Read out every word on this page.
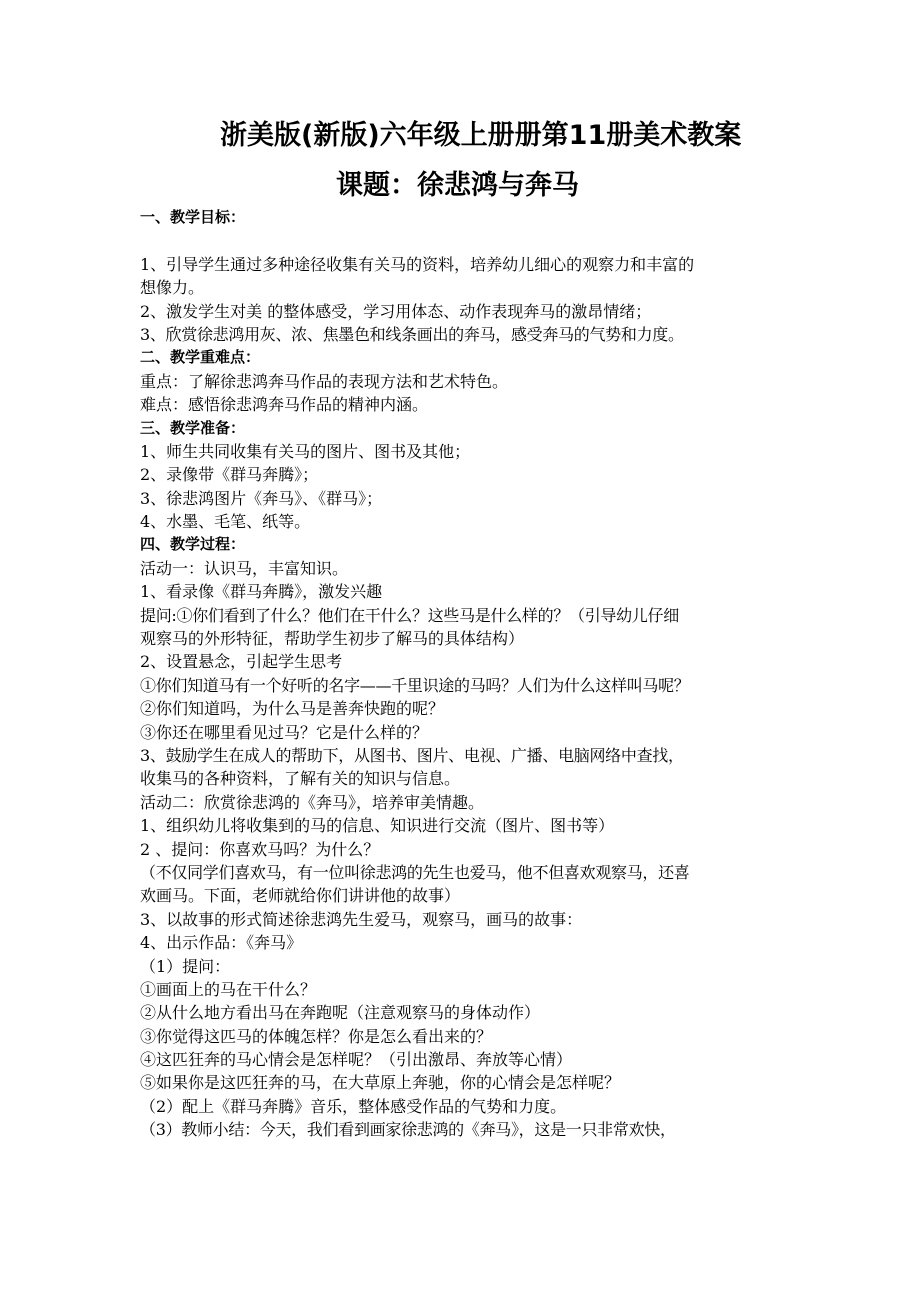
浙美版(新版)六年级上册册第11册美术教案
课题：徐悲鸿与奔马
一、教学目标：
1、引导学生通过多种途径收集有关马的资料，培养幼儿细心的观察力和丰富的
想像力。
2、激发学生对美 的整体感受，学习用体态、动作表现奔马的激昂情绪；
3、欣赏徐悲鸿用灰、浓、焦墨色和线条画出的奔马，感受奔马的气势和力度。
二、教学重难点：
重点：了解徐悲鸿奔马作品的表现方法和艺术特色。
难点：感悟徐悲鸿奔马作品的精神内涵。
三、教学准备：
1、师生共同收集有关马的图片、图书及其他；
2、录像带《群马奔腾》；
3、徐悲鸿图片《奔马》、《群马》；
4、水墨、毛笔、纸等。
四、教学过程：
活动一：认识马，丰富知识。
1、看录像《群马奔腾》，激发兴趣
提问:①你们看到了什么？他们在干什么？这些马是什么样的？（引导幼儿仔细
观察马的外形特征，帮助学生初步了解马的具体结构）
2、设置悬念，引起学生思考
①你们知道马有一个好听的名字——千里识途的马吗？人们为什么这样叫马呢？
②你们知道吗，为什么马是善奔快跑的呢？
③你还在哪里看见过马？它是什么样的？
3、鼓励学生在成人的帮助下，从图书、图片、电视、广播、电脑网络中查找，
收集马的各种资料，了解有关的知识与信息。
活动二：欣赏徐悲鸿的《奔马》，培养审美情趣。
1、组织幼儿将收集到的马的信息、知识进行交流（图片、图书等）
2 、提问：你喜欢马吗？为什么？
（不仅同学们喜欢马，有一位叫徐悲鸿的先生也爱马，他不但喜欢观察马，还喜
欢画马。下面，老师就给你们讲讲他的故事）
3、以故事的形式简述徐悲鸿先生爱马，观察马，画马的故事：
4、出示作品：《奔马》
（1）提问：
①画面上的马在干什么？
②从什么地方看出马在奔跑呢（注意观察马的身体动作）
③你觉得这匹马的体魄怎样？你是怎么看出来的？
④这匹狂奔的马心情会是怎样呢？（引出激昂、奔放等心情）
⑤如果你是这匹狂奔的马，在大草原上奔驰，你的心情会是怎样呢？
（2）配上《群马奔腾》音乐，整体感受作品的气势和力度。
（3）教师小结：今天，我们看到画家徐悲鸿的《奔马》，这是一只非常欢快，
